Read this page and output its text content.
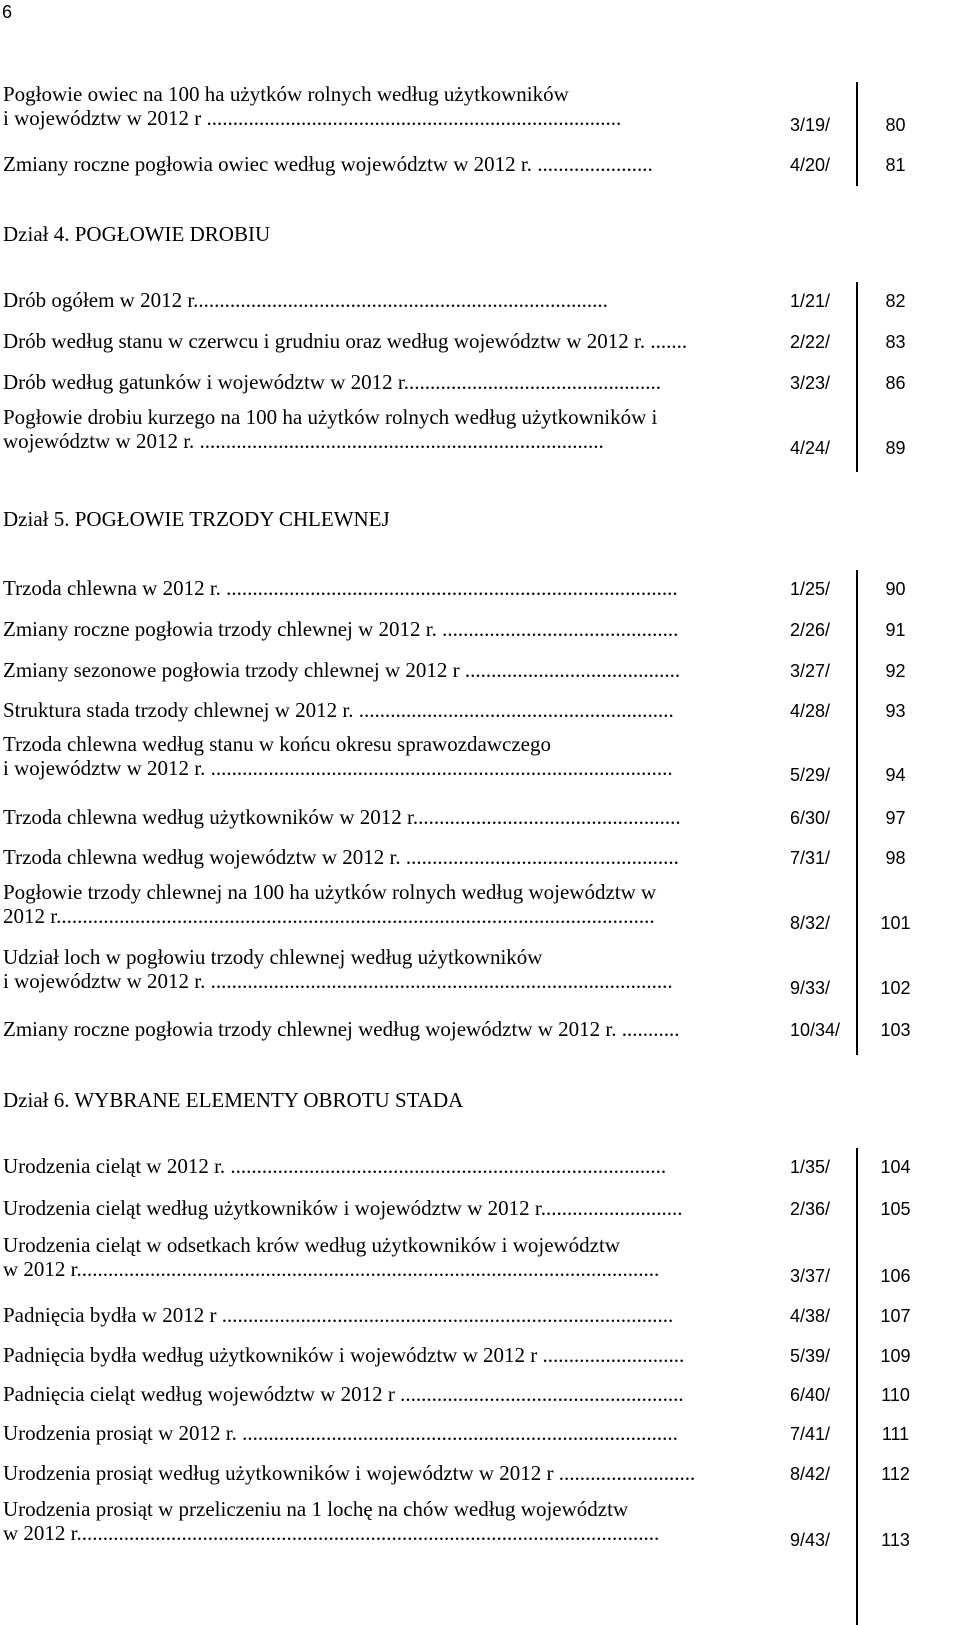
6
Pogłowie owiec na 100 ha użytków rolnych według użytkowników
i województw w 2012 r ...............................................................................	3/19/	80
Zmiany roczne pogłowia owiec według województw w 2012 r. ......................	4/20/	81
Dział 4. POGŁOWIE DROBIU
Drób ogółem w 2012 r...............................................................................	1/21/	82
Drób według stanu w czerwcu i grudniu oraz według województw w 2012 r. .......	2/22/	83
Drób według gatunków i województw w 2012 r.................................................	3/23/	86
Pogłowie drobiu kurzego na 100 ha użytków rolnych według użytkowników i
województw w 2012 r. .............................................................................	4/24/	89
Dział 5. POGŁOWIE TRZODY CHLEWNEJ
Trzoda chlewna w 2012 r. ......................................................................................	1/25/	90
Zmiany roczne pogłowia trzody chlewnej w 2012 r. .............................................	2/26/	91
Zmiany sezonowe pogłowia trzody chlewnej w 2012 r .........................................	3/27/	92
Struktura stada trzody chlewnej w 2012 r. ............................................................	4/28/	93
Trzoda chlewna według stanu w końcu okresu sprawozdawczego
i województw w 2012 r. ........................................................................................	5/29/	94
Trzoda chlewna według użytkowników w 2012 r...................................................	6/30/	97
Trzoda chlewna według województw w 2012 r. ....................................................	7/31/	98
Pogłowie trzody chlewnej na 100 ha użytków rolnych według województw w
2012 r..................................................................................................................	8/32/	101
Udział loch w pogłowiu trzody chlewnej według użytkowników
i województw w 2012 r. ........................................................................................	9/33/	102
Zmiany roczne pogłowia trzody chlewnej według województw w 2012 r. ...........	10/34/	103
Dział 6. WYBRANE ELEMENTY OBROTU STADA
Urodzenia cieląt w 2012 r. ...................................................................................	1/35/	104
Urodzenia cieląt według użytkowników i województw w 2012 r...........................	2/36/	105
Urodzenia cieląt w odsetkach krów według użytkowników i województw
w 2012 r...............................................................................................................	3/37/	106
Padnięcia bydła w 2012 r ......................................................................................	4/38/	107
Padnięcia bydła według użytkowników i województw w 2012 r ...........................	5/39/	109
Padnięcia cieląt według województw w 2012 r ......................................................	6/40/	110
Urodzenia prosiąt w 2012 r. ...................................................................................	7/41/	111
Urodzenia prosiąt według użytkowników i województw w 2012 r ..........................	8/42/	112
Urodzenia prosiąt w przeliczeniu na 1 lochę na chów według województw
w 2012 r...............................................................................................................	9/43/	113
